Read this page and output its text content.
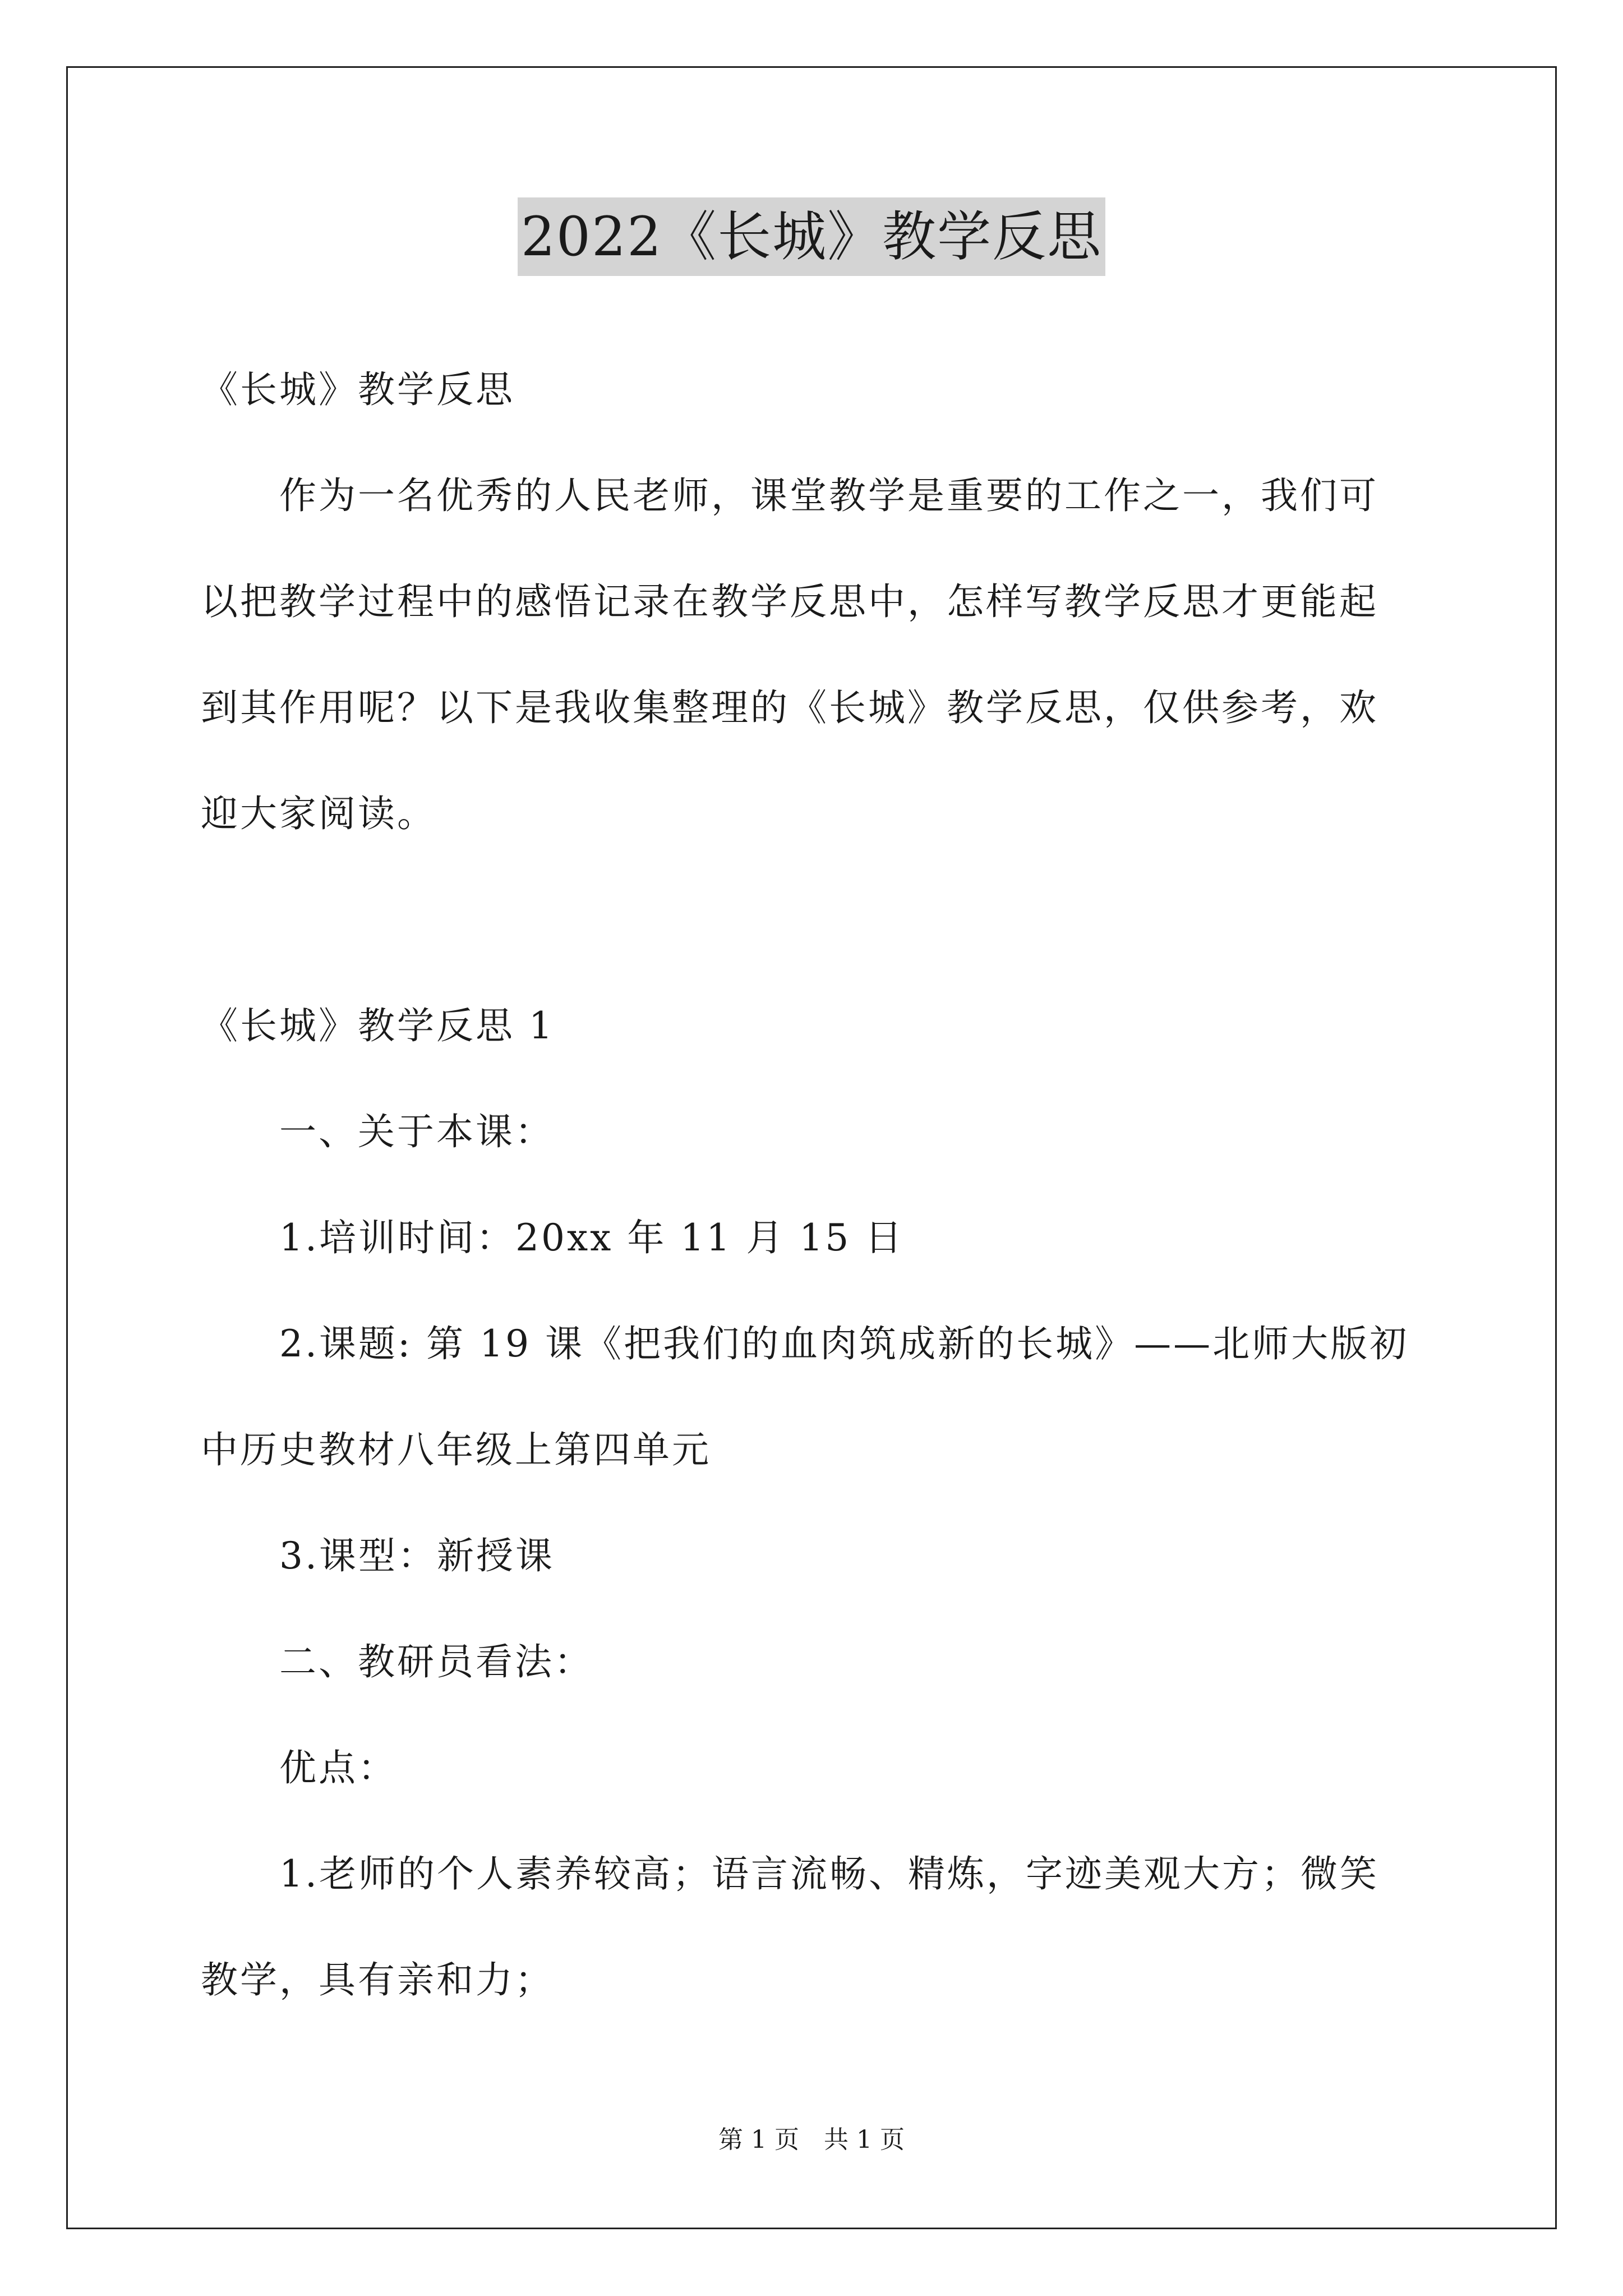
2022《长城》教学反思

《长城》教学反思

作为一名优秀的人民老师，课堂教学是重要的工作之一，我们可

以把教学过程中的感悟记录在教学反思中，怎样写教学反思才更能起

到其作用呢？以下是我收集整理的《长城》教学反思，仅供参考，欢

迎大家阅读。

《长城》教学反思 1

一、关于本课：

1.培训时间：20xx 年 11 月 15 日

2.课题: 第 19 课《把我们的血肉筑成新的长城》——北师大版初

中历史教材八年级上第四单元

3.课型：新授课

二、教研员看法：

优点：

1.老师的个人素养较高；语言流畅、精炼，字迹美观大方；微笑

教学，具有亲和力；

第 1 页　共 1 页
